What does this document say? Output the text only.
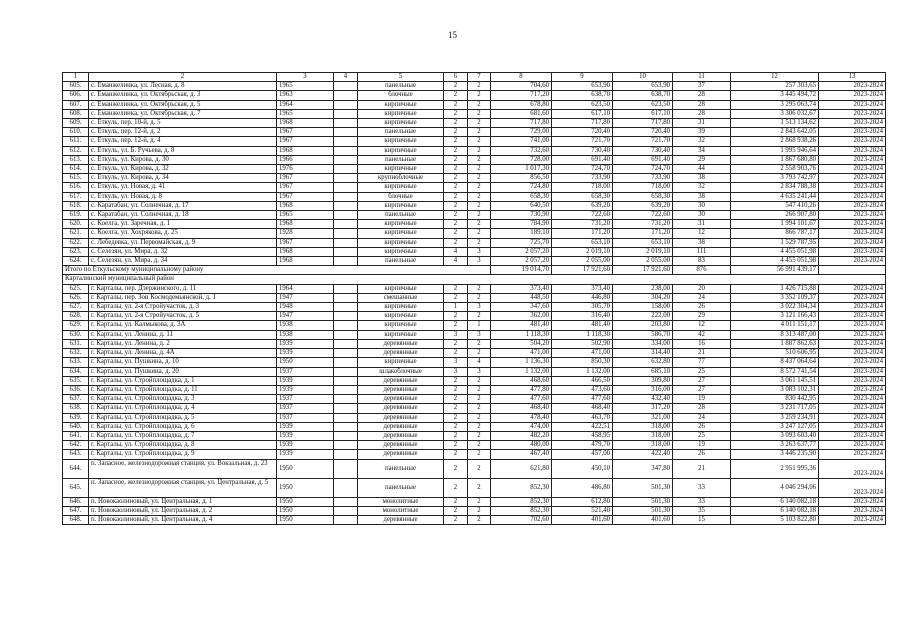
15
1	2	3	4	5	6	7	8	9	10	11	12	13
605.	с. Еманжелинка, ул. Лесная, д. 8	1965		панельные	2	2	704,60	653,90	653,90	37	257 303,65	2023-2024
606.	с. Еманжелинка, ул. Октябрьская, д. 3	1963		блочные	2	2	717,20	638,70	638,70	28	3 445 494,72	2023-2024
607.	с. Еманжелинка, ул. Октябрьская, д. 5	1964		кирпичные	2	2	678,80	623,50	623,50	28	3 295 063,74	2023-2024
608.	с. Еманжелинка, ул. Октябрьская, д. 7	1965		кирпичные	2	2	681,60	617,10	617,10	28	3 306 032,67	2023-2024
609.	с. Еткуль, пер. 10-й, д. 5	1968		кирпичные	2	2	717,80	717,80	717,80	31	1 513 134,62	2023-2024
610.	с. Еткуль, пер. 12-й, д. 2	1967		панельные	2	2	729,00	720,40	720,40	39	2 843 642,05	2023-2024
611.	с. Еткуль, пер. 12-й, д. 4	1967		кирпичные	2	2	741,00	721,70	721,70	32	2 868 938,26	2023-2024
612.	с. Еткуль, ул. Б. Ручьева, д. 8	1968		кирпичные	2	2	732,60	730,40	730,40	34	1 995 946,64	2023-2024
613.	с. Еткуль, ул. Кирова, д. 30	1966		панельные	2	2	728,00	691,40	691,40	29	1 867 680,80	2023-2024
614.	с. Еткуль, ул. Кирова, д. 32	1976		кирпичные	2	2	1 017,30	724,70	724,70	44	2 558 903,76	2023-2024
615.	с. Еткуль, ул. Кирова, д. 34	1967		крупноблочные	2	2	856,50	733,90	733,90	38	3 793 742,97	2023-2024
616.	с. Еткуль, ул. Новая, д. 41	1967		кирпичные	2	2	724,80	718,00	718,00	32	2 834 788,38	2023-2024
617.	с. Еткуль, ул. Новая, д. 8	1967		блочные	2	2	658,30	658,30	658,30	38	4 635 241,44	2023-2024
618.	с. Каратабан, ул. Солнечная, д. 17	1968		кирпичные	2	2	640,50	639,20	639,20	30	547 410,26	2023-2024
619.	с. Каратабан, ул. Солнечная, д. 18	1965		панельные	2	2	730,90	722,60	722,60	30	266 907,80	2023-2024
620.	с. Коелга, ул. Заречная, д. 1	1968		кирпичные	2	2	784,90	731,20	731,20	31	1 994 101,67	2023-2024
621.	с. Коелга, ул. Хохрякова, д. 25	1928		кирпичные	2	2	189,10	171,20	171,20	12	866 787,17	2023-2024
622.	с. Лебедевка, ул. Первомайская, д. 9	1967		кирпичные	2	2	725,70	653,10	653,10	38	1 529 787,95	2023-2024
623.	с. Селезян, ул. Мира, д. 32	1968		кирпичные	4	3	2 057,20	2 019,10	2 019,10	111	4 455 051,98	2023-2024
624.	с. Селезян, ул. Мира, д. 34	1968		панельные	4	3	2 057,20	2 055,00	2 055,00	83	4 455 051,98	2023-2024
Итого по Еткульскому муниципальному району							19 014,70	17 921,60	17 921,60	876	56 991 439,17	
Карталинский муниципальный район												
625.	г. Карталы, пер. Дзержинского, д. 11	1964		кирпичные	2	2	373,40	373,40	238,00	20	1 426 715,88	2023-2024
626.	г. Карталы, пер. Зои Космодемьянской, д. 1	1947		смешанные	2	2	448,50	446,80	304,20	24	3 352 109,37	2023-2024
627.	г. Карталы, ул. 2-я Стройучасток, д. 3	1948		кирпичные	1	3	347,60	305,70	158,00	26	3 022 304,34	2023-2024
628.	г. Карталы, ул. 2-я Стройучасток, д. 5	1947		кирпичные	2	2	362,00	316,40	222,00	29	3 121 166,43	2023-2024
629.	г. Карталы, ул. Калмыкова, д. 3А	1938		кирпичные	2	1	481,40	481,40	203,80	12	4 011 151,17	2023-2024
630.	г. Карталы, ул. Ленина, д. 11	1938		кирпичные	3	3	1 118,30	1 118,30	586,70	42	8 313 487,00	2023-2024
631.	г. Карталы, ул. Ленина, д. 2	1939		деревянные	2	2	504,20	502,90	334,00	16	1 887 862,63	2023-2024
632.	г. Карталы, ул. Ленина, д. 4А	1939		деревянные	2	2	471,00	471,00	314,40	21	510 606,95	2023-2024
633.	г. Карталы, ул. Пушкина, д. 10	1950		кирпичные	3	4	1 136,30	850,30	632,80	77	8 437 064,64	2023-2024
634.	г. Карталы, ул. Пушкина, д. 20	1937		шлакоблочные	3	3	1 132,00	1 132,00	685,10	25	8 572 741,54	2023-2024
635.	г. Карталы, ул. Стройплощадка, д. 1	1939		деревянные	2	2	468,60	466,50	309,80	27	3 061 145,51	2023-2024
636.	г. Карталы, ул. Стройплощадка, д. 11	1939		деревянные	2	2	477,80	473,60	316,00	27	3 083 102,31	2023-2024
637.	г. Карталы, ул. Стройплощадка, д. 3	1937		деревянные	2	2	477,60	477,60	432,40	19	830 442,95	2023-2024
638.	г. Карталы, ул. Стройплощадка, д. 4	1937		деревянные	2	2	468,40	468,40	317,20	28	3 231 717,05	2023-2024
639.	г. Карталы, ул. Стройплощадка, д. 5	1937		деревянные	2	2	478,40	463,70	321,00	24	3 259 234,91	2023-2024
640.	г. Карталы, ул. Стройплощадка, д. 6	1939		деревянные	2	2	474,00	422,51	318,00	26	3 247 127,05	2023-2024
641.	г. Карталы, ул. Стройплощадка, д. 7	1939		деревянные	2	2	482,20	458,95	318,00	25	3 093 603,40	2023-2024
642.	г. Карталы, ул. Стройплощадка, д. 8	1939		деревянные	2	2	480,00	479,70	318,00	19	3 263 637,77	2023-2024
643.	г. Карталы, ул. Стройплощадка, д. 9	1939		деревянные	2	2	467,40	457,00	422,40	26	3 446 235,90	2023-2024
644.	п. Запасное, железнодорожная станция, ул. Вокзальная, д. 23	1950		панельные	2	2	621,80	450,10	347,80	21	2 951 995,36	2023-2024
645.	п. Запасное, железнодорожная станция, ул. Центральная, д. 5	1950		панельные	2	2	852,30	486,80	501,30	33	4 046 294,06	2023-2024
646.	п. Новокаолиновый, ул. Центральная, д. 1	1950		монолитные	2	2	852,30	612,80	501,30	33	6 140 082,18	2023-2024
647.	п. Новокаолиновый, ул. Центральная, д. 2	1950		монолитные	2	2	852,30	521,40	501,30	35	6 140 082,18	2023-2024
648.	п. Новокаолиновый, ул. Центральная, д. 4	1950		деревянные	2	2	702,60	401,60	401,60	15	5 103 822,80	2023-2024
